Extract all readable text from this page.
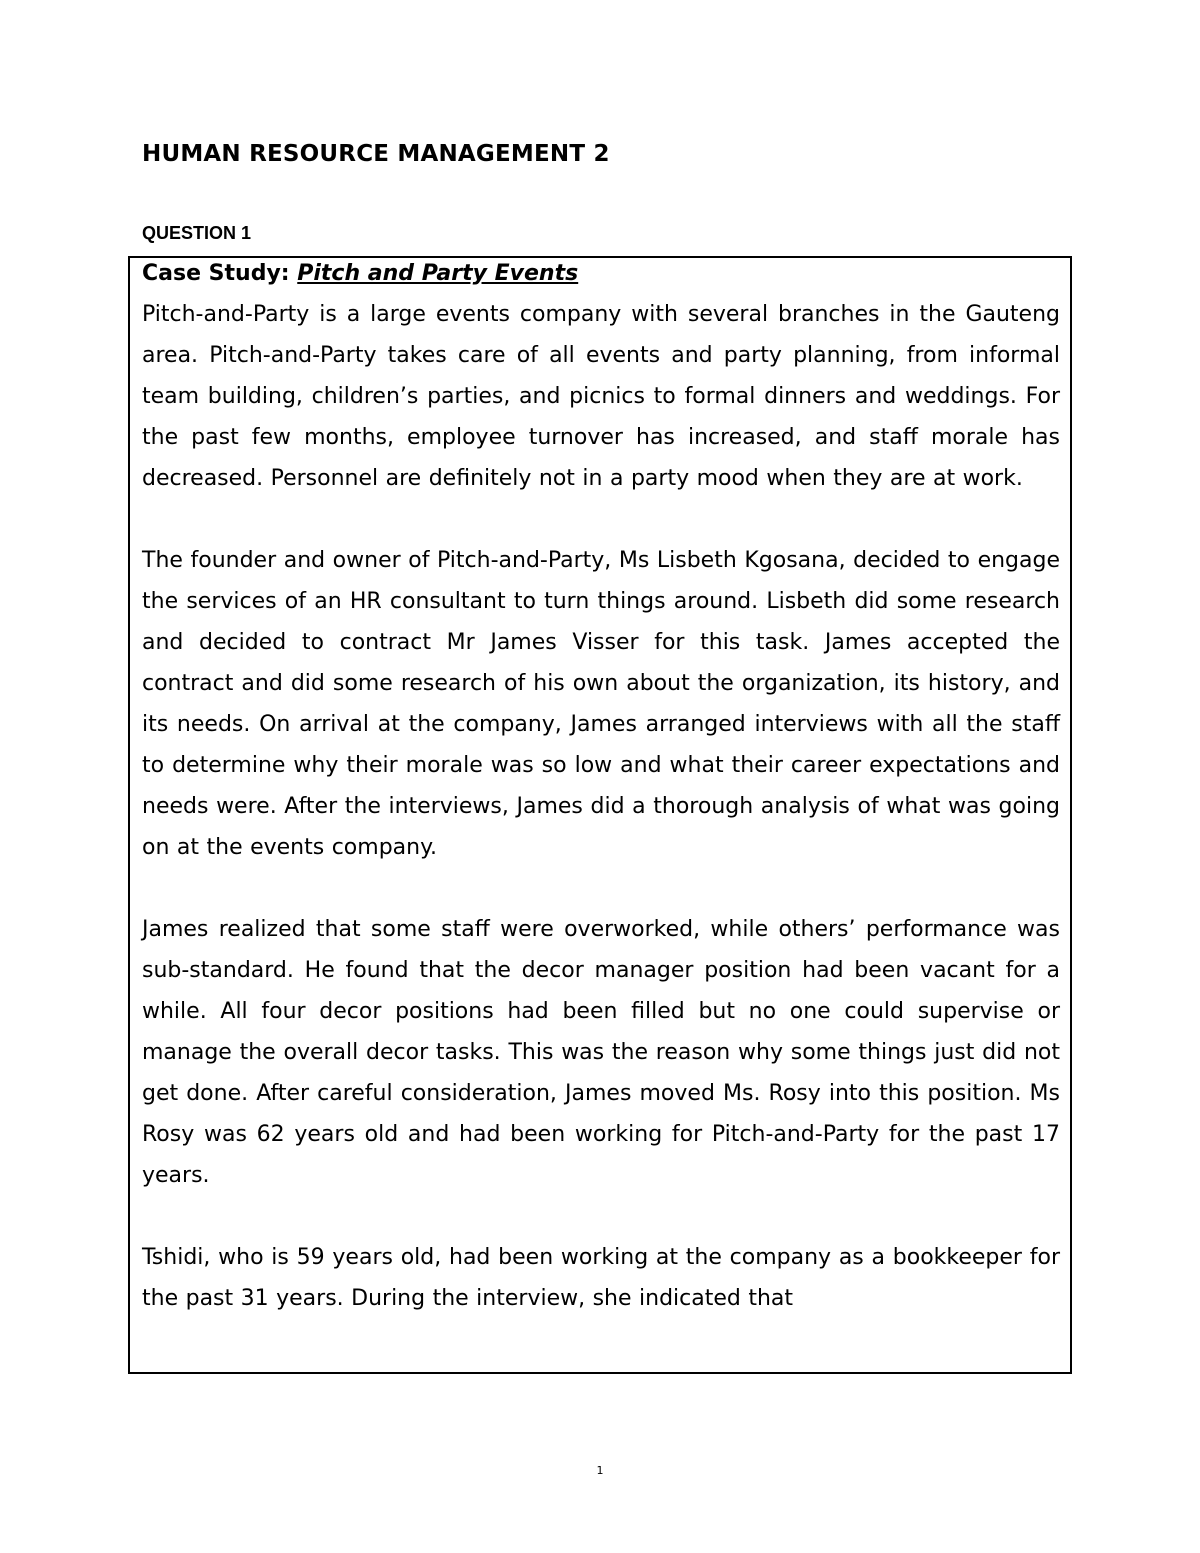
HUMAN RESOURCE MANAGEMENT 2

QUESTION 1

Case Study: Pitch and Party Events

Pitch-and-Party is a large events company with several branches in the Gauteng area. Pitch-and-Party takes care of all events and party planning, from informal team building, children’s parties, and picnics to formal dinners and weddings. For the past few months, employee turnover has increased, and staff morale has decreased. Personnel are definitely not in a party mood when they are at work.

The founder and owner of Pitch-and-Party, Ms Lisbeth Kgosana, decided to engage the services of an HR consultant to turn things around. Lisbeth did some research and decided to contract Mr James Visser for this task. James accepted the contract and did some research of his own about the organization, its history, and its needs. On arrival at the company, James arranged interviews with all the staff to determine why their morale was so low and what their career expectations and needs were. After the interviews, James did a thorough analysis of what was going on at the events company.

James realized that some staff were overworked, while others’ performance was sub-standard. He found that the decor manager position had been vacant for a while. All four decor positions had been filled but no one could supervise or manage the overall decor tasks. This was the reason why some things just did not get done. After careful consideration, James moved Ms. Rosy into this position. Ms Rosy was 62 years old and had been working for Pitch-and-Party for the past 17 years.

Tshidi, who is 59 years old, had been working at the company as a bookkeeper for the past 31 years. During the interview, she indicated that

1
